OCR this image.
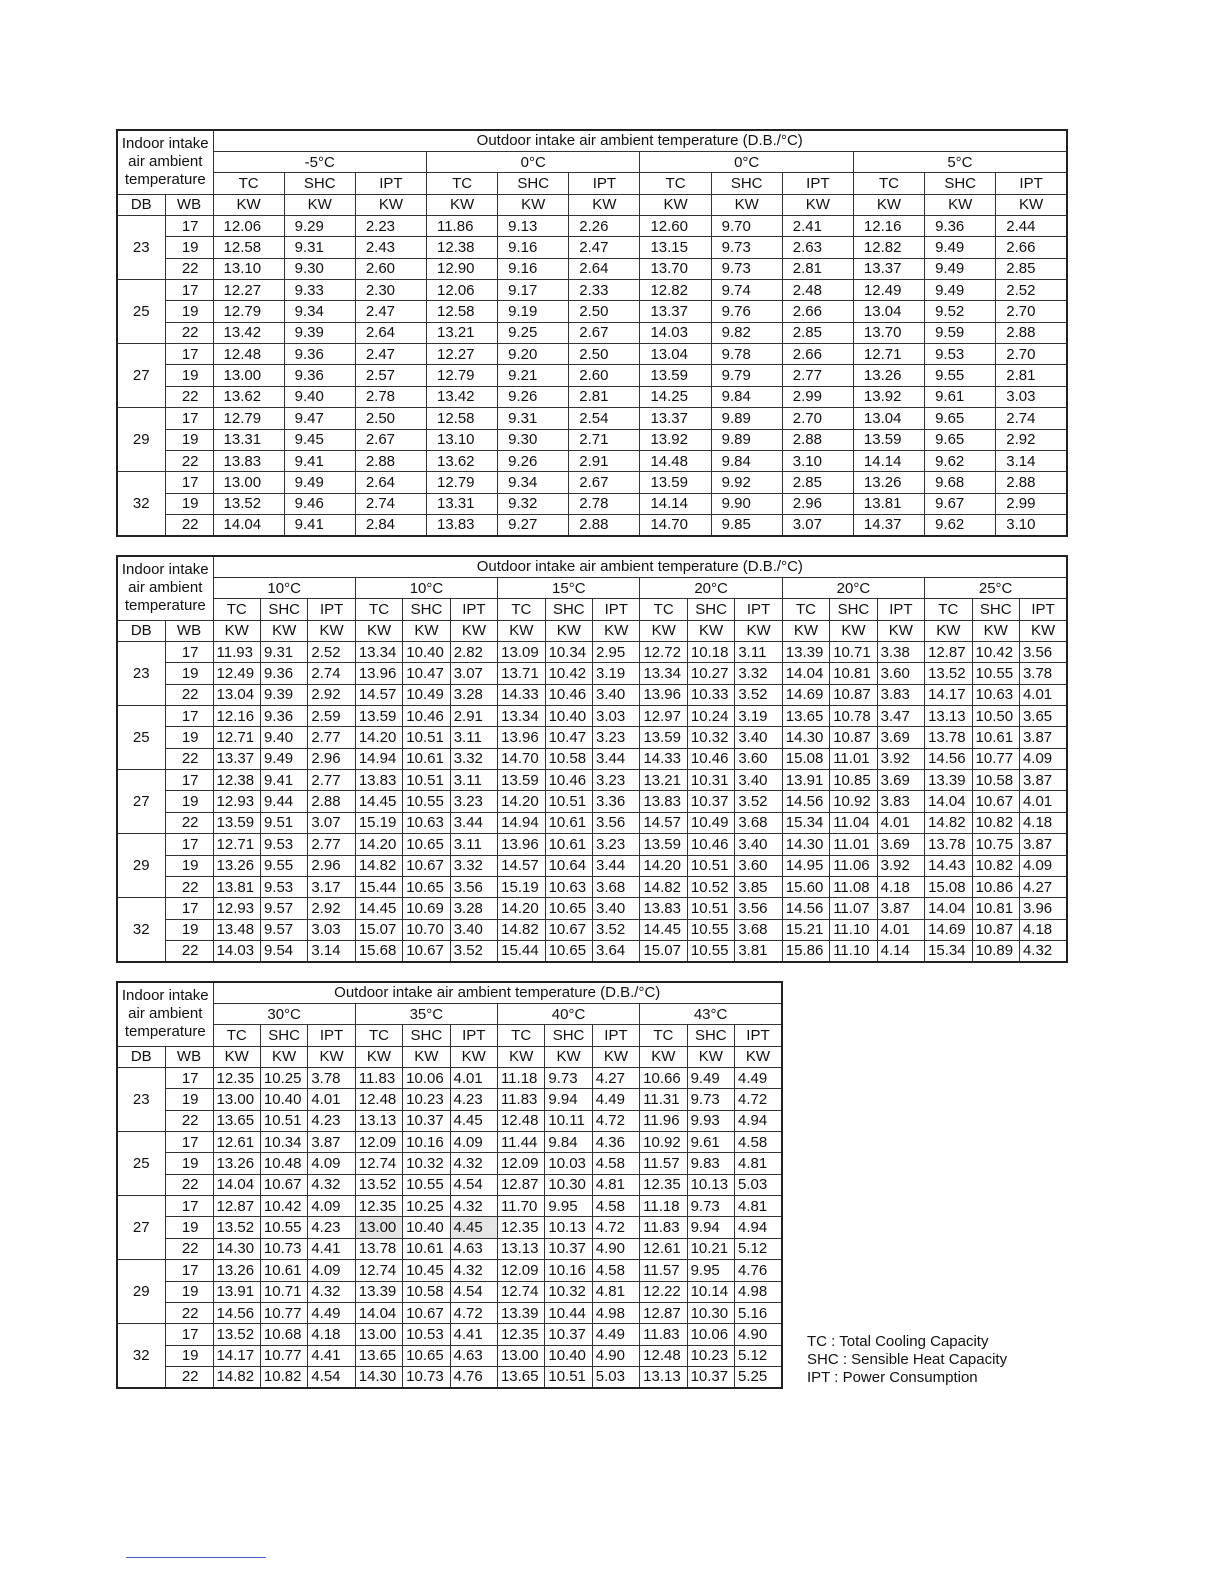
Indoor intake air ambient temperature		Outdoor intake air ambient temperature (D.B./°C)											
		-5°C			0°C			0°C			5°C		
		TC	SHC	IPT	TC	SHC	IPT	TC	SHC	IPT	TC	SHC	IPT
DB	WB	KW	KW	KW	KW	KW	KW	KW	KW	KW	KW	KW	KW
23	17	12.06	9.29	2.23	11.86	9.13	2.26	12.60	9.70	2.41	12.16	9.36	2.44
	19	12.58	9.31	2.43	12.38	9.16	2.47	13.15	9.73	2.63	12.82	9.49	2.66
	22	13.10	9.30	2.60	12.90	9.16	2.64	13.70	9.73	2.81	13.37	9.49	2.85
25	17	12.27	9.33	2.30	12.06	9.17	2.33	12.82	9.74	2.48	12.49	9.49	2.52
	19	12.79	9.34	2.47	12.58	9.19	2.50	13.37	9.76	2.66	13.04	9.52	2.70
	22	13.42	9.39	2.64	13.21	9.25	2.67	14.03	9.82	2.85	13.70	9.59	2.88
27	17	12.48	9.36	2.47	12.27	9.20	2.50	13.04	9.78	2.66	12.71	9.53	2.70
	19	13.00	9.36	2.57	12.79	9.21	2.60	13.59	9.79	2.77	13.26	9.55	2.81
	22	13.62	9.40	2.78	13.42	9.26	2.81	14.25	9.84	2.99	13.92	9.61	3.03
29	17	12.79	9.47	2.50	12.58	9.31	2.54	13.37	9.89	2.70	13.04	9.65	2.74
	19	13.31	9.45	2.67	13.10	9.30	2.71	13.92	9.89	2.88	13.59	9.65	2.92
	22	13.83	9.41	2.88	13.62	9.26	2.91	14.48	9.84	3.10	14.14	9.62	3.14
32	17	13.00	9.49	2.64	12.79	9.34	2.67	13.59	9.92	2.85	13.26	9.68	2.88
	19	13.52	9.46	2.74	13.31	9.32	2.78	14.14	9.90	2.96	13.81	9.67	2.99
	22	14.04	9.41	2.84	13.83	9.27	2.88	14.70	9.85	3.07	14.37	9.62	3.10
Indoor intake air ambient temperature		Outdoor intake air ambient temperature (D.B./°C)																	
		10°C			10°C			15°C			20°C			20°C			25°C		
		TC	SHC	IPT	TC	SHC	IPT	TC	SHC	IPT	TC	SHC	IPT	TC	SHC	IPT	TC	SHC	IPT
DB	WB	KW	KW	KW	KW	KW	KW	KW	KW	KW	KW	KW	KW	KW	KW	KW	KW	KW	KW
23	17	11.93	9.31	2.52	13.34	10.40	2.82	13.09	10.34	2.95	12.72	10.18	3.11	13.39	10.71	3.38	12.87	10.42	3.56
	19	12.49	9.36	2.74	13.96	10.47	3.07	13.71	10.42	3.19	13.34	10.27	3.32	14.04	10.81	3.60	13.52	10.55	3.78
	22	13.04	9.39	2.92	14.57	10.49	3.28	14.33	10.46	3.40	13.96	10.33	3.52	14.69	10.87	3.83	14.17	10.63	4.01
25	17	12.16	9.36	2.59	13.59	10.46	2.91	13.34	10.40	3.03	12.97	10.24	3.19	13.65	10.78	3.47	13.13	10.50	3.65
	19	12.71	9.40	2.77	14.20	10.51	3.11	13.96	10.47	3.23	13.59	10.32	3.40	14.30	10.87	3.69	13.78	10.61	3.87
	22	13.37	9.49	2.96	14.94	10.61	3.32	14.70	10.58	3.44	14.33	10.46	3.60	15.08	11.01	3.92	14.56	10.77	4.09
27	17	12.38	9.41	2.77	13.83	10.51	3.11	13.59	10.46	3.23	13.21	10.31	3.40	13.91	10.85	3.69	13.39	10.58	3.87
	19	12.93	9.44	2.88	14.45	10.55	3.23	14.20	10.51	3.36	13.83	10.37	3.52	14.56	10.92	3.83	14.04	10.67	4.01
	22	13.59	9.51	3.07	15.19	10.63	3.44	14.94	10.61	3.56	14.57	10.49	3.68	15.34	11.04	4.01	14.82	10.82	4.18
29	17	12.71	9.53	2.77	14.20	10.65	3.11	13.96	10.61	3.23	13.59	10.46	3.40	14.30	11.01	3.69	13.78	10.75	3.87
	19	13.26	9.55	2.96	14.82	10.67	3.32	14.57	10.64	3.44	14.20	10.51	3.60	14.95	11.06	3.92	14.43	10.82	4.09
	22	13.81	9.53	3.17	15.44	10.65	3.56	15.19	10.63	3.68	14.82	10.52	3.85	15.60	11.08	4.18	15.08	10.86	4.27
32	17	12.93	9.57	2.92	14.45	10.69	3.28	14.20	10.65	3.40	13.83	10.51	3.56	14.56	11.07	3.87	14.04	10.81	3.96
	19	13.48	9.57	3.03	15.07	10.70	3.40	14.82	10.67	3.52	14.45	10.55	3.68	15.21	11.10	4.01	14.69	10.87	4.18
	22	14.03	9.54	3.14	15.68	10.67	3.52	15.44	10.65	3.64	15.07	10.55	3.81	15.86	11.10	4.14	15.34	10.89	4.32
Indoor intake air ambient temperature		Outdoor intake air ambient temperature (D.B./°C)											
		30°C			35°C			40°C			43°C		
		TC	SHC	IPT	TC	SHC	IPT	TC	SHC	IPT	TC	SHC	IPT
DB	WB	KW	KW	KW	KW	KW	KW	KW	KW	KW	KW	KW	KW
23	17	12.35	10.25	3.78	11.83	10.06	4.01	11.18	9.73	4.27	10.66	9.49	4.49
	19	13.00	10.40	4.01	12.48	10.23	4.23	11.83	9.94	4.49	11.31	9.73	4.72
	22	13.65	10.51	4.23	13.13	10.37	4.45	12.48	10.11	4.72	11.96	9.93	4.94
25	17	12.61	10.34	3.87	12.09	10.16	4.09	11.44	9.84	4.36	10.92	9.61	4.58
	19	13.26	10.48	4.09	12.74	10.32	4.32	12.09	10.03	4.58	11.57	9.83	4.81
	22	14.04	10.67	4.32	13.52	10.55	4.54	12.87	10.30	4.81	12.35	10.13	5.03
27	17	12.87	10.42	4.09	12.35	10.25	4.32	11.70	9.95	4.58	11.18	9.73	4.81
	19	13.52	10.55	4.23	13.00	10.40	4.45	12.35	10.13	4.72	11.83	9.94	4.94
	22	14.30	10.73	4.41	13.78	10.61	4.63	13.13	10.37	4.90	12.61	10.21	5.12
29	17	13.26	10.61	4.09	12.74	10.45	4.32	12.09	10.16	4.58	11.57	9.95	4.76
	19	13.91	10.71	4.32	13.39	10.58	4.54	12.74	10.32	4.81	12.22	10.14	4.98
	22	14.56	10.77	4.49	14.04	10.67	4.72	13.39	10.44	4.98	12.87	10.30	5.16
32	17	13.52	10.68	4.18	13.00	10.53	4.41	12.35	10.37	4.49	11.83	10.06	4.90
	19	14.17	10.77	4.41	13.65	10.65	4.63	13.00	10.40	4.90	12.48	10.23	5.12
	22	14.82	10.82	4.54	14.30	10.73	4.76	13.65	10.51	5.03	13.13	10.37	5.25
TC : Total Cooling Capacity
SHC : Sensible Heat Capacity
IPT : Power Consumption
